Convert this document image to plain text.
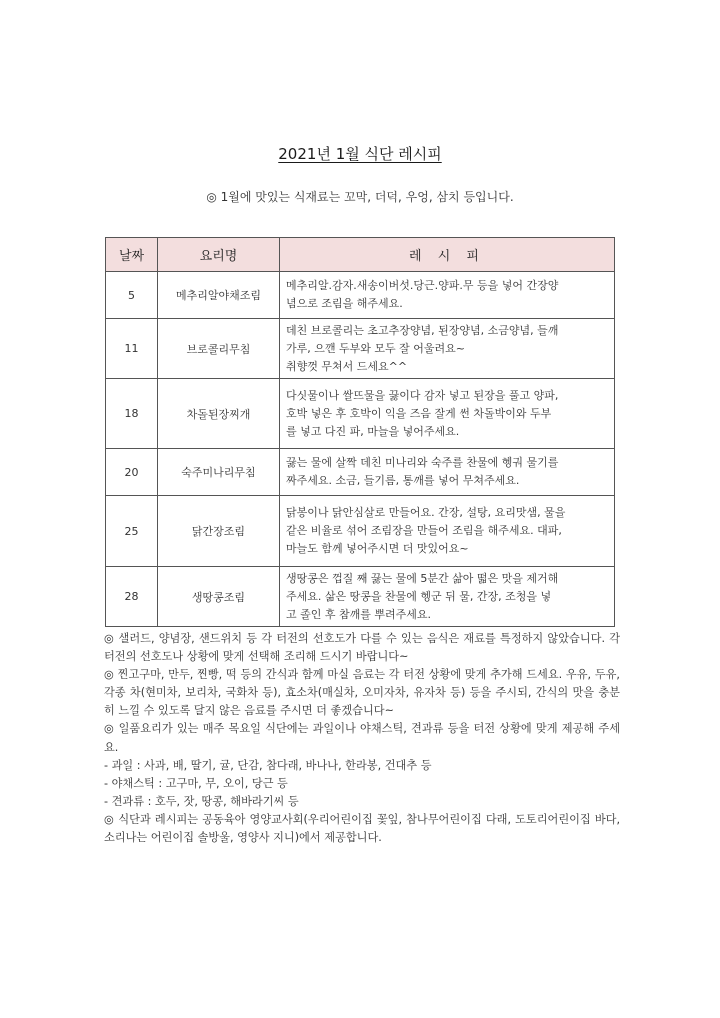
2021년 1월 식단 레시피
◎ 1월에 맛있는 식재료는 꼬막, 더덕, 우엉, 삼치 등입니다.
날짜	요리명	레 시 피
5	메추리알야채조림	메추리알.감자.새송이버섯.당근.양파.무 등을 넣어 간장양
념으로 조림을 해주세요.
11	브로콜리무침	데친 브로콜리는 초고추장양념, 된장양념, 소금양념, 들깨
가루, 으깬 두부와 모두 잘 어울려요~
취향껏 무쳐서 드세요^^
18	차돌된장찌개	다싯물이나 쌀뜨물을 끓이다 감자 넣고 된장을 풀고 양파,
호박 넣은 후 호박이 익을 즈음 잘게 썬 차돌박이와 두부
를 넣고 다진 파, 마늘을 넣어주세요.
20	숙주미나리무침	끓는 물에 살짝 데친 미나리와 숙주를 찬물에 헹궈 물기를
짜주세요. 소금, 들기름, 통깨를 넣어 무쳐주세요.
25	닭간장조림	닭봉이나 닭안심살로 만들어요. 간장, 설탕, 요리맛샘, 물을
같은 비율로 섞어 조림장을 만들어 조림을 해주세요. 대파,
마늘도 함께 넣어주시면 더 맛있어요~
28	생땅콩조림	생땅콩은 껍질 째 끓는 물에 5분간 삶아 떫은 맛을 제거해
주세요. 삶은 땅콩을 찬물에 헹군 뒤 물, 간장, 조청을 넣
고 졸인 후 참깨를 뿌려주세요.

◎ 샐러드, 양념장, 샌드위치 등 각 터전의 선호도가 다를 수 있는 음식은 재료를 특정하지 않았습니다. 각 터전의 선호도나 상황에 맞게 선택해 조리해 드시기 바랍니다~

◎ 찐고구마, 만두, 찐빵, 떡 등의 간식과 함께 마실 음료는 각 터전 상황에 맞게 추가해 드세요. 우유, 두유, 각종 차(현미차, 보리차, 국화차 등), 효소차(매실차, 오미자차, 유자차 등) 등을 주시되, 간식의 맛을 충분히 느낄 수 있도록 달지 않은 음료를 주시면 더 좋겠습니다~

◎ 일품요리가 있는 매주 목요일 식단에는 과일이나 야채스틱, 견과류 등을 터전 상황에 맞게 제공해 주세요.

- 과일 : 사과, 배, 딸기, 귤, 단감, 참다래, 바나나, 한라봉, 건대추 등

- 야채스틱 : 고구마, 무, 오이, 당근 등

- 견과류 : 호두, 잣, 땅콩, 해바라기씨 등

◎ 식단과 레시피는 공동육아 영양교사회(우리어린이집 꽃잎, 참나무어린이집 다래, 도토리어린이집 바다, 소리나는 어린이집 솔방울, 영양사 지니)에서 제공합니다.
